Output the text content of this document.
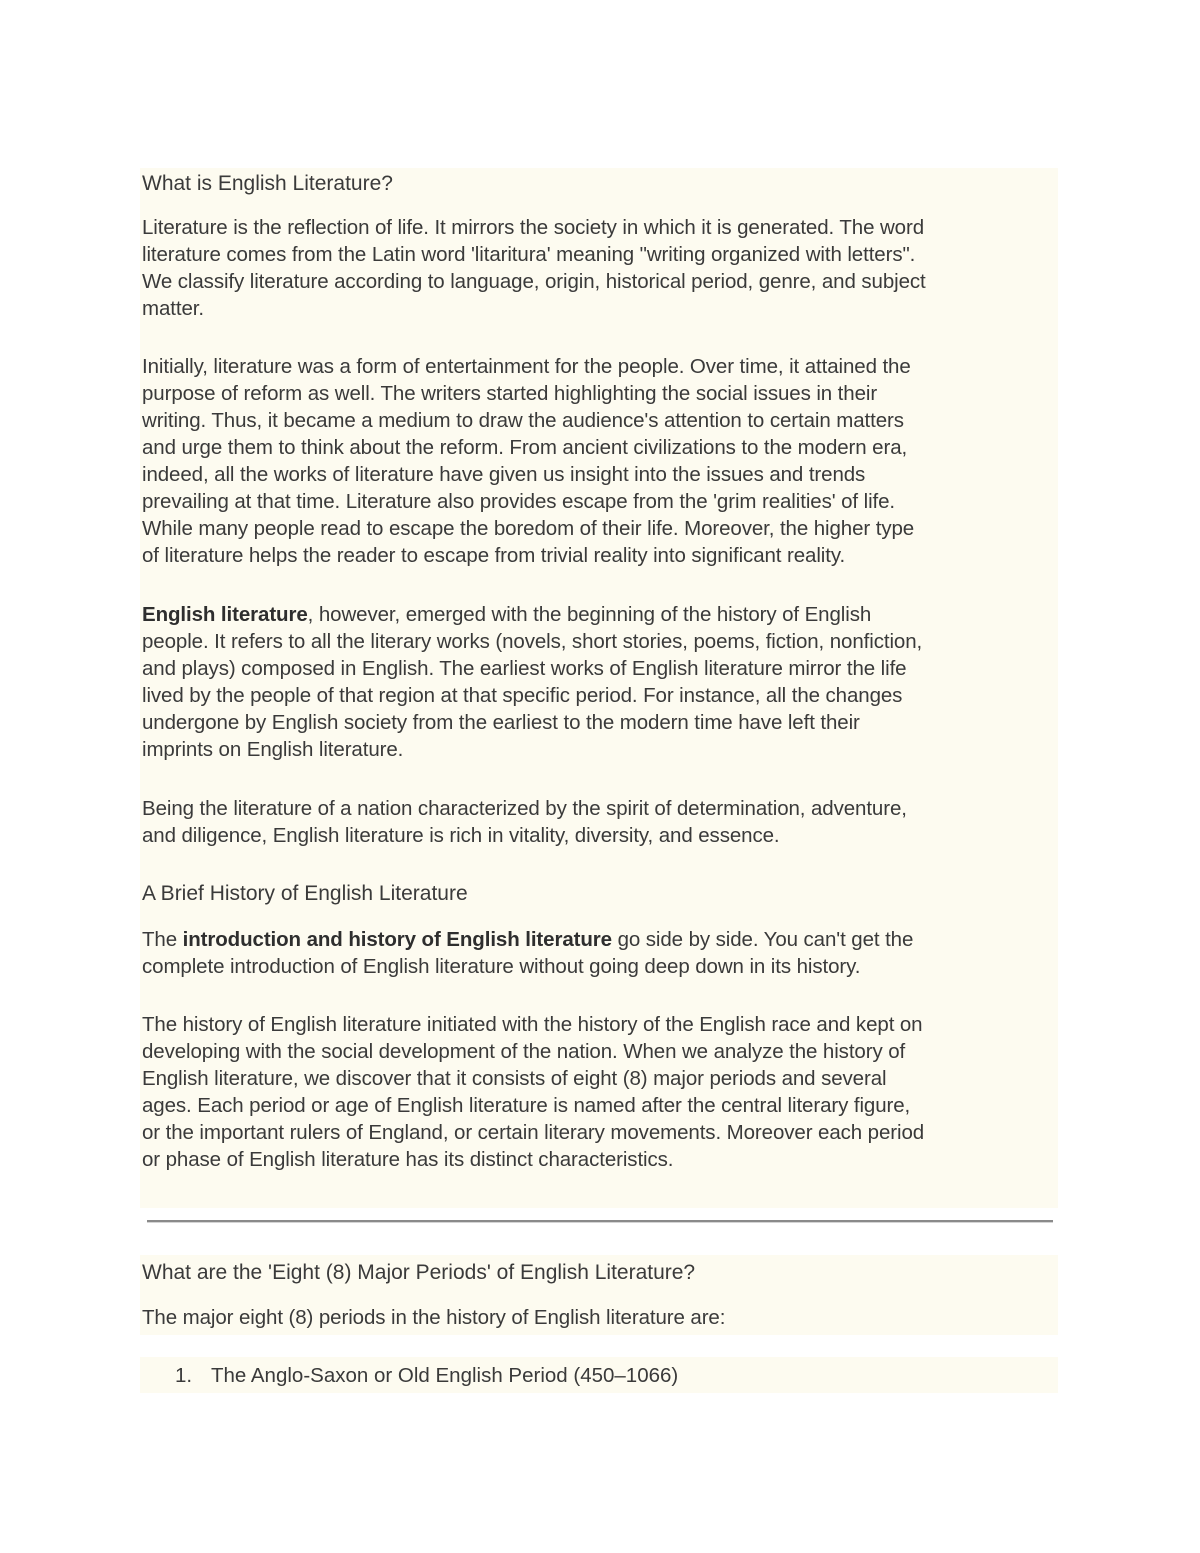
What is English Literature?

Literature is the reflection of life. It mirrors the society in which it is generated. The word
literature comes from the Latin word 'litaritura' meaning "writing organized with letters".
We classify literature according to language, origin, historical period, genre, and subject
matter.

Initially, literature was a form of entertainment for the people. Over time, it attained the
purpose of reform as well. The writers started highlighting the social issues in their
writing. Thus, it became a medium to draw the audience's attention to certain matters
and urge them to think about the reform. From ancient civilizations to the modern era,
indeed, all the works of literature have given us insight into the issues and trends
prevailing at that time. Literature also provides escape from the 'grim realities' of life.
While many people read to escape the boredom of their life. Moreover, the higher type
of literature helps the reader to escape from trivial reality into significant reality.

English literature, however, emerged with the beginning of the history of English
people. It refers to all the literary works (novels, short stories, poems, fiction, nonfiction,
and plays) composed in English. The earliest works of English literature mirror the life
lived by the people of that region at that specific period. For instance, all the changes
undergone by English society from the earliest to the modern time have left their
imprints on English literature.

Being the literature of a nation characterized by the spirit of determination, adventure,
and diligence, English literature is rich in vitality, diversity, and essence.

A Brief History of English Literature

The introduction and history of English literature go side by side. You can't get the
complete introduction of English literature without going deep down in its history.

The history of English literature initiated with the history of the English race and kept on
developing with the social development of the nation. When we analyze the history of
English literature, we discover that it consists of eight (8) major periods and several
ages. Each period or age of English literature is named after the central literary figure,
or the important rulers of England, or certain literary movements. Moreover each period
or phase of English literature has its distinct characteristics.

What are the 'Eight (8) Major Periods' of English Literature?

The major eight (8) periods in the history of English literature are:

1. The Anglo-Saxon or Old English Period (450–1066)
